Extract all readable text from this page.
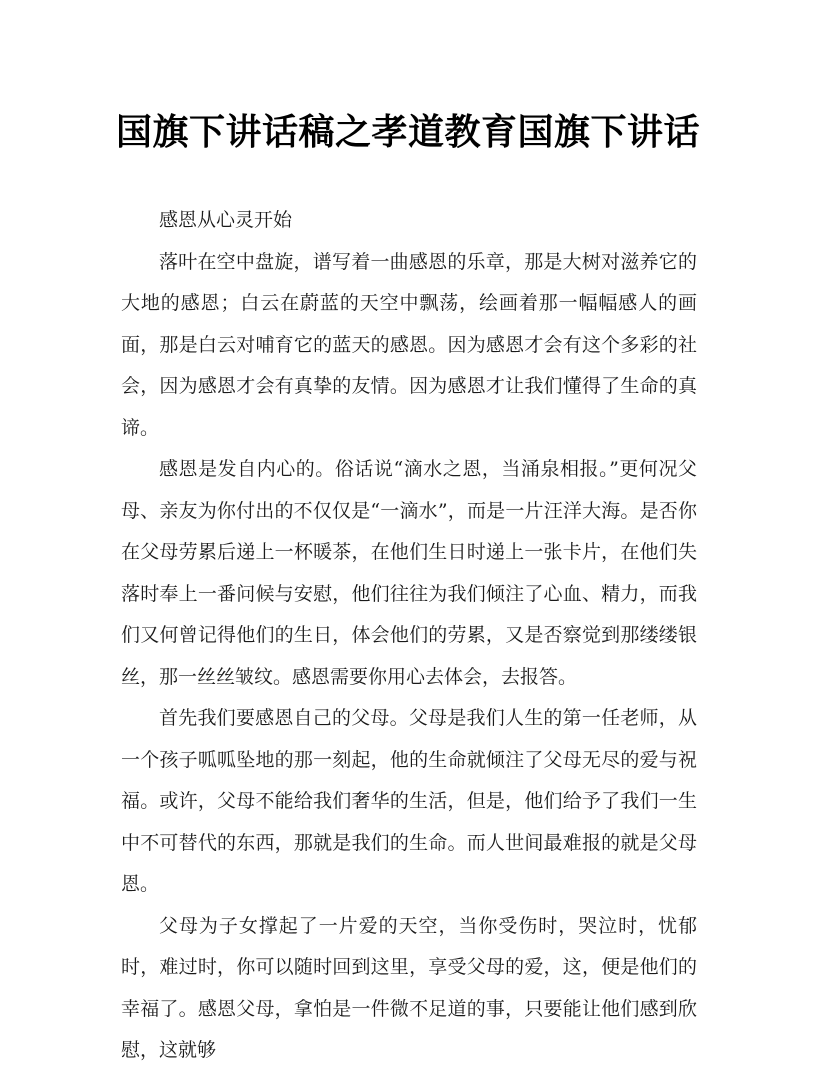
国旗下讲话稿之孝道教育国旗下讲话

感恩从心灵开始

落叶在空中盘旋，谱写着一曲感恩的乐章，那是大树对滋养它的大地的感恩；白云在蔚蓝的天空中飘荡，绘画着那一幅幅感人的画面，那是白云对哺育它的蓝天的感恩。因为感恩才会有这个多彩的社会，因为感恩才会有真挚的友情。因为感恩才让我们懂得了生命的真谛。

感恩是发自内心的。俗话说“滴水之恩，当涌泉相报。”更何况父母、亲友为你付出的不仅仅是“一滴水”，而是一片汪洋大海。是否你在父母劳累后递上一杯暖茶，在他们生日时递上一张卡片，在他们失落时奉上一番问候与安慰，他们往往为我们倾注了心血、精力，而我们又何曾记得他们的生日，体会他们的劳累，又是否察觉到那缕缕银丝，那一丝丝皱纹。感恩需要你用心去体会，去报答。

首先我们要感恩自己的父母。父母是我们人生的第一任老师，从一个孩子呱呱坠地的那一刻起，他的生命就倾注了父母无尽的爱与祝福。或许，父母不能给我们奢华的生活，但是，他们给予了我们一生中不可替代的东西，那就是我们的生命。而人世间最难报的就是父母恩。

父母为子女撑起了一片爱的天空，当你受伤时，哭泣时，忧郁时，难过时，你可以随时回到这里，享受父母的爱，这，便是他们的幸福了。感恩父母，拿怕是一件微不足道的事，只要能让他们感到欣慰，这就够
